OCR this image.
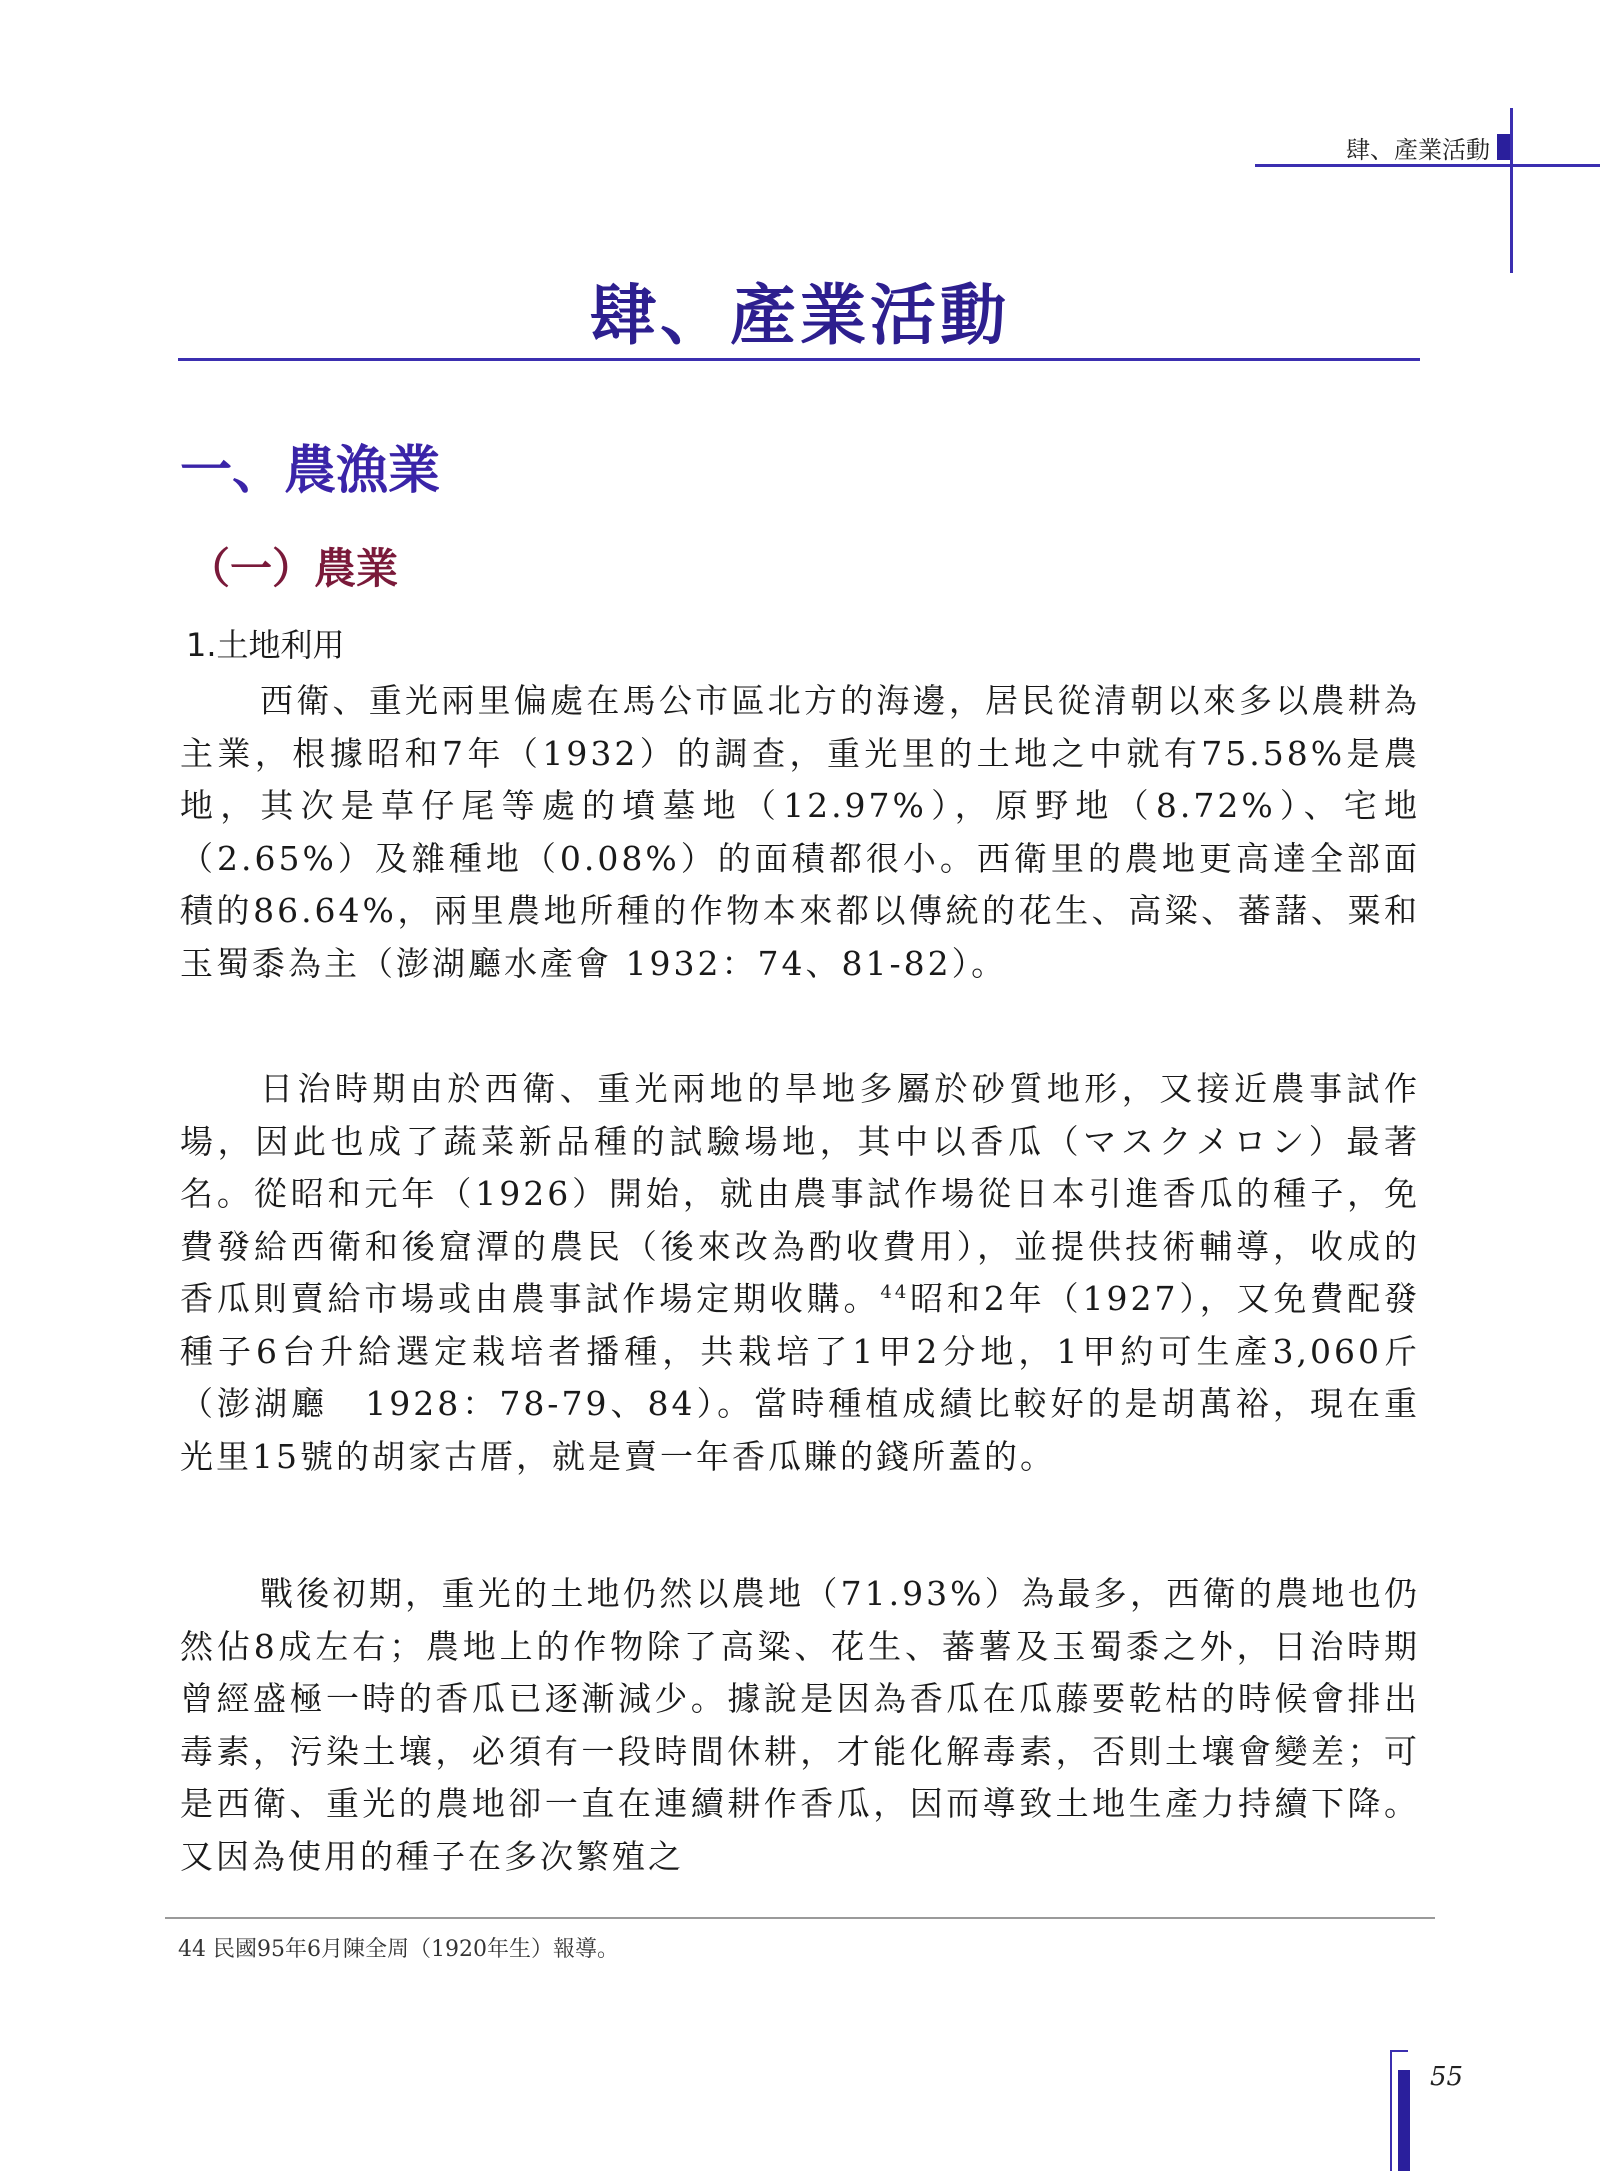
肆、產業活動
肆、產業活動
一、農漁業
（一）農業
1.土地利用

西衛、重光兩里偏處在馬公市區北方的海邊，居民從清朝以來多以農耕為主業，根據昭和7年（1932）的調查，重光里的土地之中就有75.58%是農地，其次是草仔尾等處的墳墓地（12.97%），原野地（8.72%）、宅地（2.65%）及雜種地（0.08%）的面積都很小。西衛里的農地更高達全部面積的86.64%，兩里農地所種的作物本來都以傳統的花生、高粱、蕃藷、粟和玉蜀黍為主（澎湖廳水產會 1932：74、81-82）。

日治時期由於西衛、重光兩地的旱地多屬於砂質地形，又接近農事試作場，因此也成了蔬菜新品種的試驗場地，其中以香瓜（マスクメロン）最著名。從昭和元年（1926）開始，就由農事試作場從日本引進香瓜的種子，免費發給西衛和後窟潭的農民（後來改為酌收費用），並提供技術輔導，收成的香瓜則賣給市場或由農事試作場定期收購。$^{44}$昭和2年（1927），又免費配發種子6台升給選定栽培者播種，共栽培了1甲2分地，1甲約可生產3,060斤（澎湖廳　1928：78-79、84）。當時種植成績比較好的是胡萬裕，現在重光里15號的胡家古厝，就是賣一年香瓜賺的錢所蓋的。

戰後初期，重光的土地仍然以農地（71.93%）為最多，西衛的農地也仍然佔8成左右；農地上的作物除了高粱、花生、蕃薯及玉蜀黍之外，日治時期曾經盛極一時的香瓜已逐漸減少。據說是因為香瓜在瓜藤要乾枯的時候會排出毒素，污染土壤，必須有一段時間休耕，才能化解毒素，否則土壤會變差；可是西衛、重光的農地卻一直在連續耕作香瓜，因而導致土地生產力持續下降。又因為使用的種子在多次繁殖之

44 民國95年6月陳全周（1920年生）報導。
55
